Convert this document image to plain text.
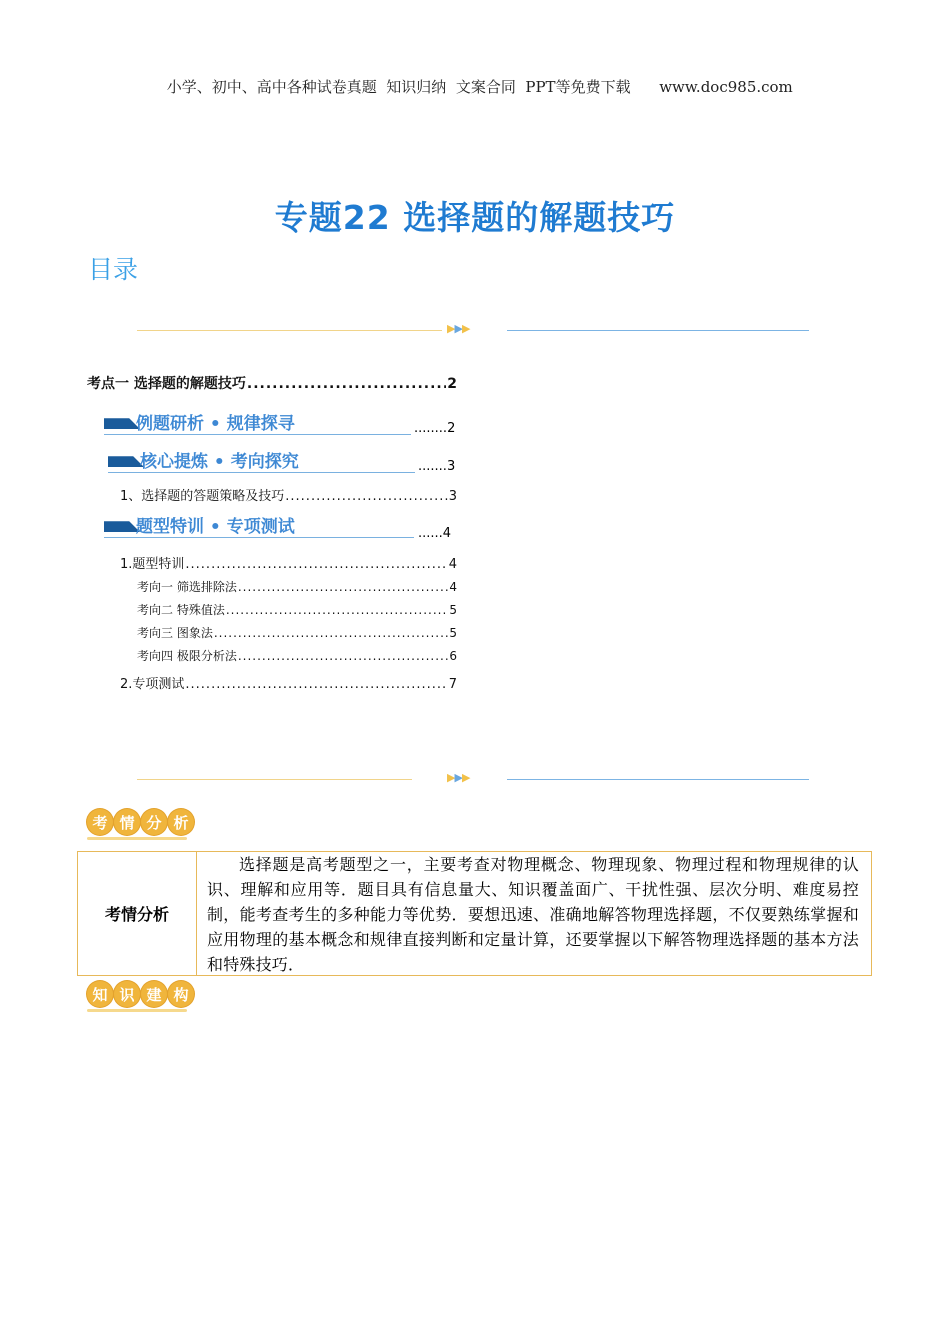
小学、初中、高中各种试卷真题  知识归纳  文案合同  PPT等免费下载 www.doc985.com

专题22 选择题的解题技巧
目录
▶▶▶
考点一 选择题的解题技巧 .....	2
例题研析 • 规律探寻	........2
核心提炼 • 考向探究	.......3
1、选择题的答题策略及技巧 .....	3
题型特训 • 专项测试	......4
1.题型特训 .....	4
考向一 筛选排除法 .....	4
考向二 特殊值法 .....	5
考向三 图象法 .....	5
考向四 极限分析法 .....	6
2.专项测试 .....	7
▶▶▶
考 情 分 析
考情分析
选择题是高考题型之一，主要考查对物理概念、物理现象、物理过程和物理规律的认识、理解和应用等．题目具有信息量大、知识覆盖面广、干扰性强、层次分明、难度易控制，能考查考生的多种能力等优势．要想迅速、准确地解答物理选择题，不仅要熟练掌握和应用物理的基本概念和规律直接判断和定量计算，还要掌握以下解答物理选择题的基本方法和特殊技巧．
知 识 建 构
